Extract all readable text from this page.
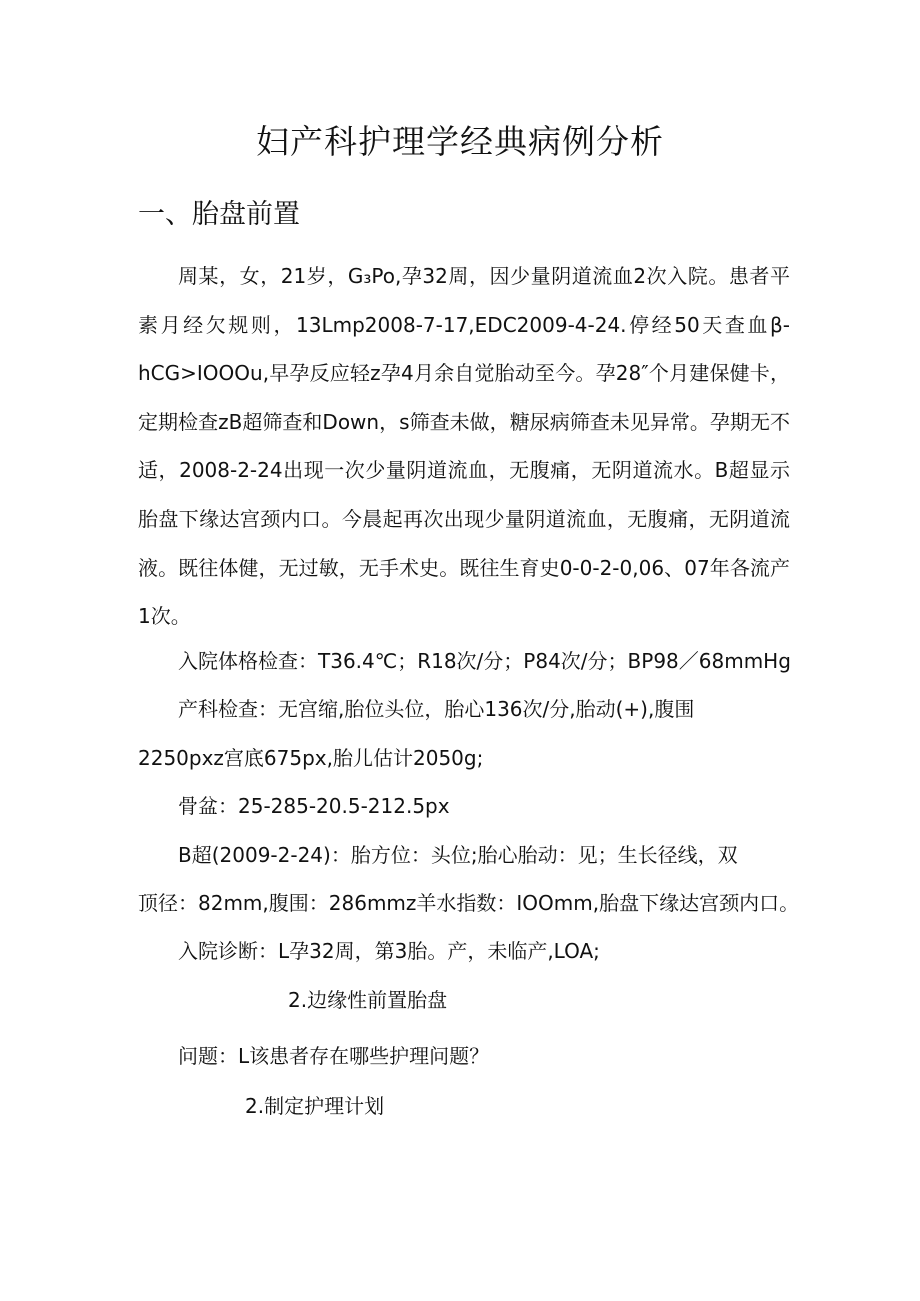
妇产科护理学经典病例分析
一、胎盘前置
周某，女，21岁，G₃Po,孕32周，因少量阴道流血2次入院。患者平素月经欠规则，13Lmp2008-7-17,EDC2009-4-24.停经50天查血β-hCG>IOOOu,早孕反应轻z孕4月余自觉胎动至今。孕28″个月建保健卡，定期检查zB超筛查和Down，s筛查未做，糖尿病筛查未见异常。孕期无不适，2008-2-24出现一次少量阴道流血，无腹痛，无阴道流水。B超显示胎盘下缘达宫颈内口。今晨起再次出现少量阴道流血，无腹痛，无阴道流液。既往体健，无过敏，无手术史。既往生育史0-0-2-0,06、07年各流产1次。
入院体格检查：T36.4℃；R18次/分；P84次/分；BP98／68mmHg
产科检查：无宫缩,胎位头位，胎心136次/分,胎动(+),腹围
2250pxz宫底675px,胎儿估计2050g;
骨盆：25-285-20.5-212.5px
B超(2009-2-24)：胎方位：头位;胎心胎动：见；生长径线，双
顶径：82mm,腹围：286mmz羊水指数：IOOmm,胎盘下缘达宫颈内口。
入院诊断：L孕32周，第3胎。产，未临产,LOA;
2.边缘性前置胎盘
问题：L该患者存在哪些护理问题？
2.制定护理计划
